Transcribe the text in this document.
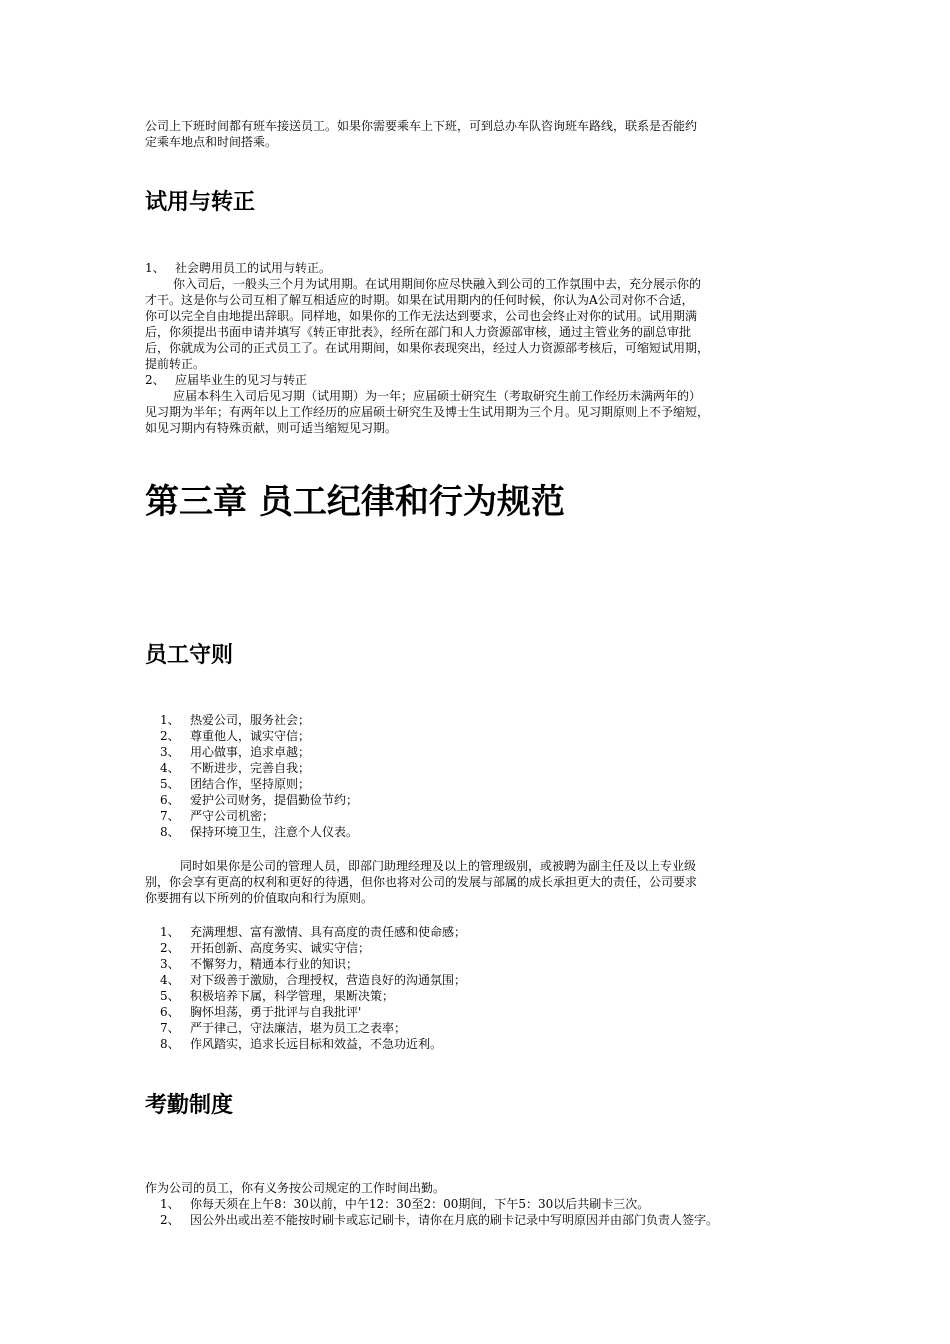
公司上下班时间都有班车接送员工。如果你需要乘车上下班，可到总办车队咨询班车路线，联系是否能约
定乘车地点和时间搭乘。
试用与转正
1、 社会聘用员工的试用与转正。
你入司后，一般头三个月为试用期。在试用期间你应尽快融入到公司的工作氛围中去，充分展示你的
才干。这是你与公司互相了解互相适应的时期。如果在试用期内的任何时候，你认为A公司对你不合适，
你可以完全自由地提出辞职。同样地，如果你的工作无法达到要求，公司也会终止对你的试用。试用期满
后，你须提出书面申请并填写《转正审批表》，经所在部门和人力资源部审核，通过主管业务的副总审批
后，你就成为公司的正式员工了。在试用期间，如果你表现突出，经过人力资源部考核后，可缩短试用期，
提前转正。
2、 应届毕业生的见习与转正
应届本科生入司后见习期（试用期）为一年；应届硕士研究生（考取研究生前工作经历未满两年的）
见习期为半年；有两年以上工作经历的应届硕士研究生及博士生试用期为三个月。见习期原则上不予缩短，
如见习期内有特殊贡献，则可适当缩短见习期。
第三章 员工纪律和行为规范
员工守则
1、 热爱公司，服务社会；
2、 尊重他人，诚实守信；
3、 用心做事，追求卓越；
4、 不断进步，完善自我；
5、 团结合作，坚持原则；
6、 爱护公司财务，提倡勤俭节约；
7、 严守公司机密；
8、 保持环境卫生，注意个人仪表。
同时如果你是公司的管理人员，即部门助理经理及以上的管理级别，或被聘为副主任及以上专业级
别，你会享有更高的权利和更好的待遇，但你也将对公司的发展与部属的成长承担更大的责任，公司要求
你要拥有以下所列的价值取向和行为原则。
1、 充满理想、富有激情、具有高度的责任感和使命感；
2、 开拓创新、高度务实、诚实守信；
3、 不懈努力，精通本行业的知识；
4、 对下级善于激励，合理授权，营造良好的沟通氛围；
5、 积极培养下属，科学管理，果断决策；
6、 胸怀坦荡，勇于批评与自我批评'
7、 严于律己，守法廉洁，堪为员工之表率；
8、 作风踏实，追求长远目标和效益，不急功近利。
考勤制度
作为公司的员工，你有义务按公司规定的工作时间出勤。
1、 你每天须在上午8：30以前，中午12：30至2：00期间，下午5：30以后共刷卡三次。
2、 因公外出或出差不能按时刷卡或忘记刷卡，请你在月底的刷卡记录中写明原因并由部门负责人签字。
